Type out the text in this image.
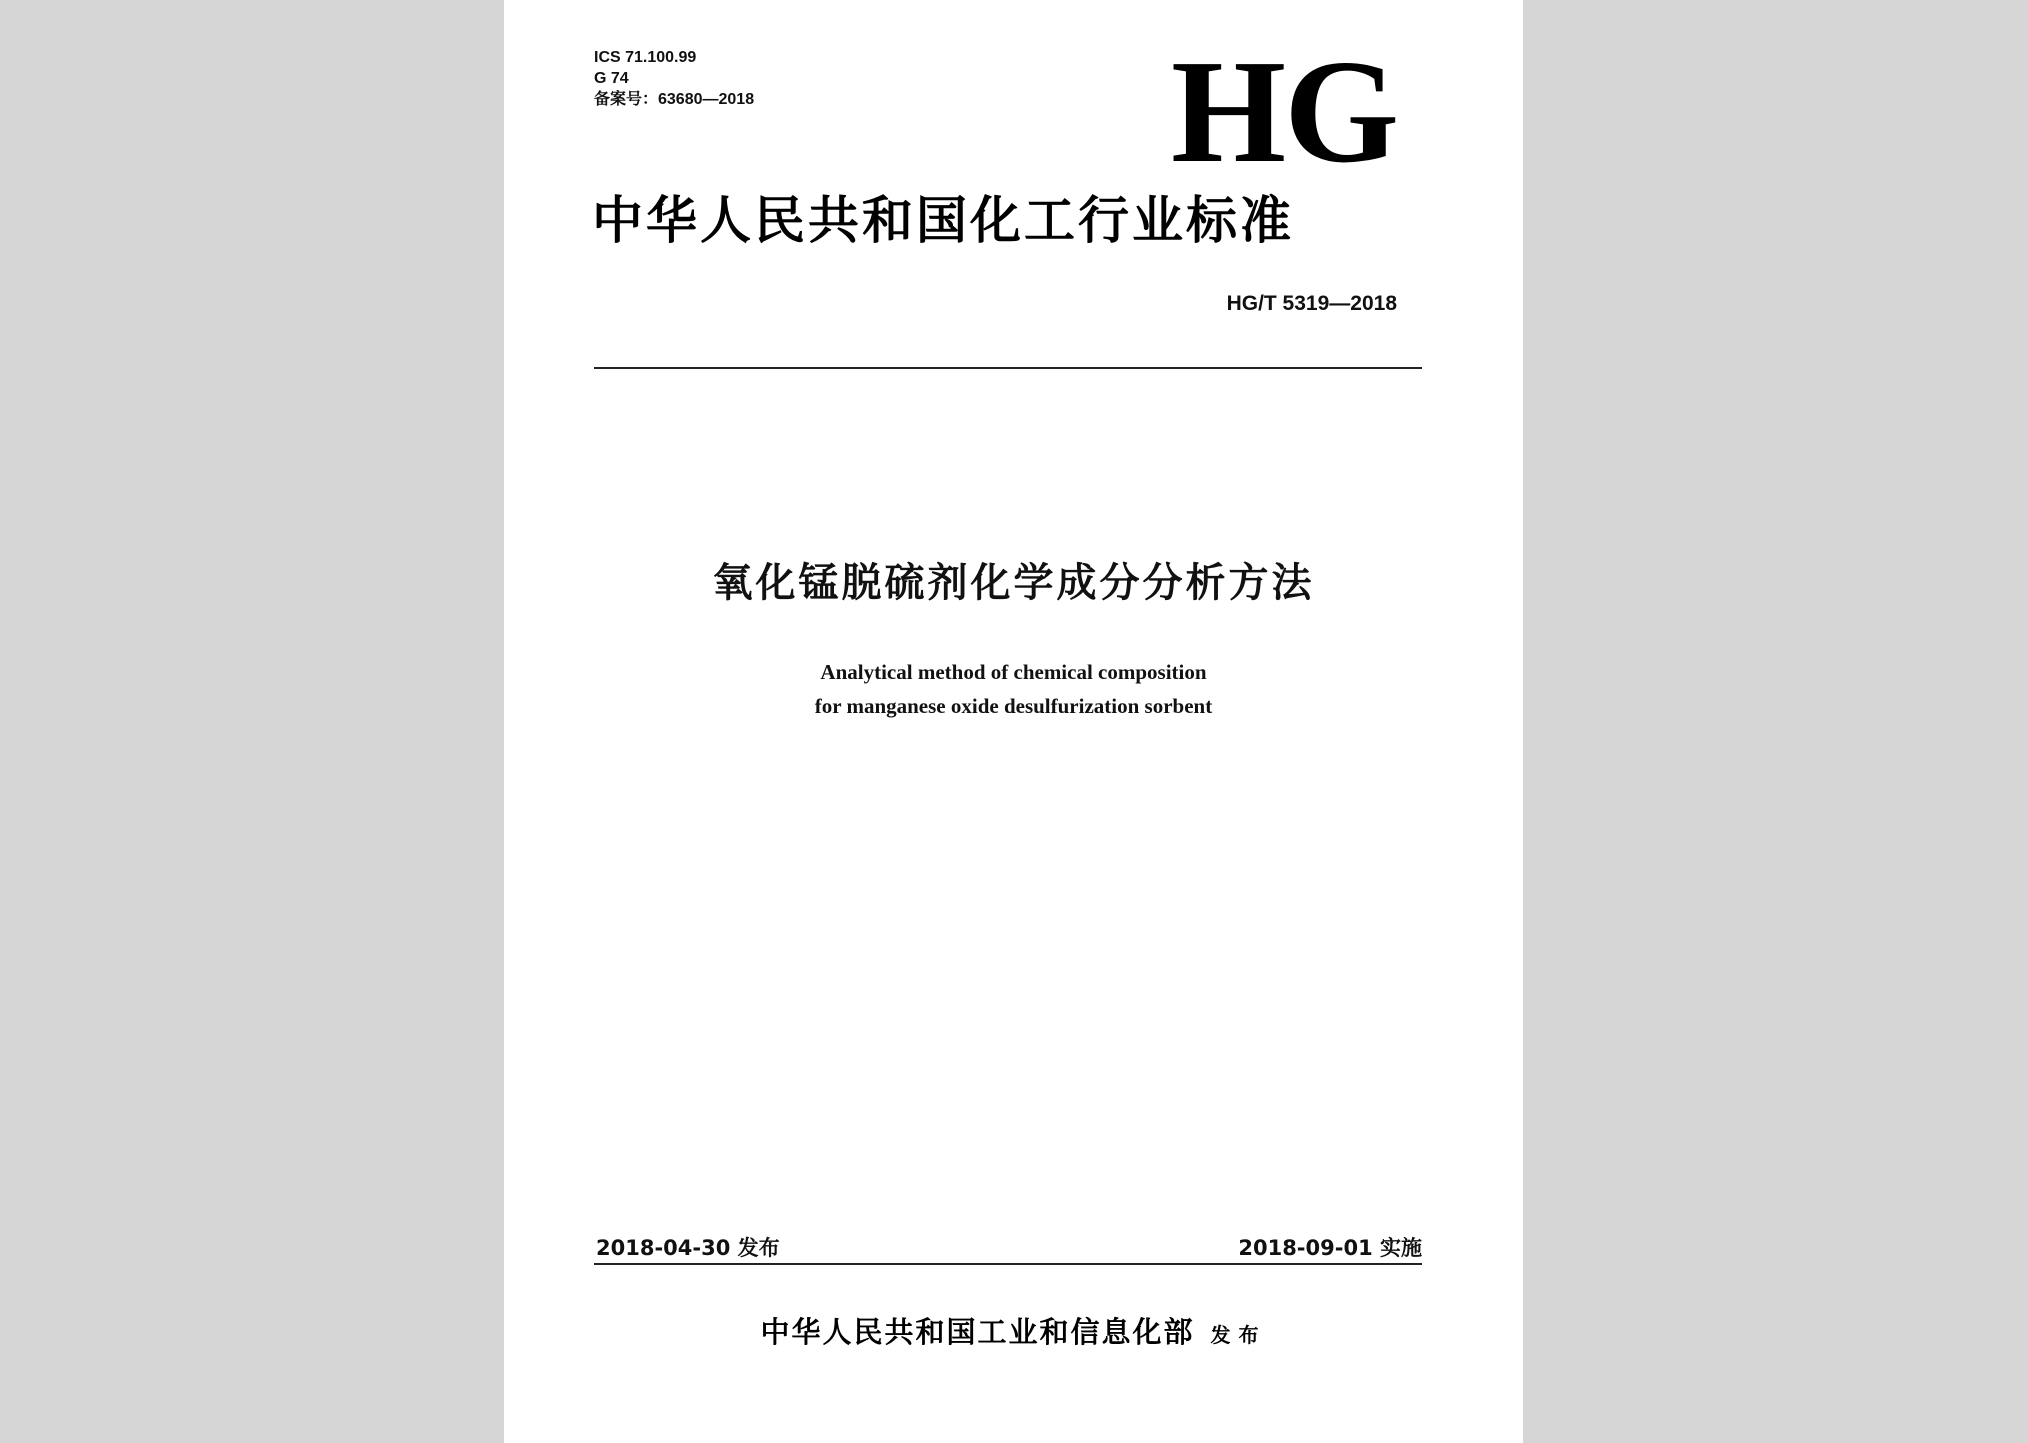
ICS 71.100.99
G 74
备案号：63680—2018	HG
中华人民共和国化工行业标准
HG/T 5319—2018
氧化锰脱硫剂化学成分分析方法
Analytical method of chemical composition
for manganese oxide desulfurization sorbent
2018-04-30 发布	2018-09-01 实施
中华人民共和国工业和信息化部 发布
